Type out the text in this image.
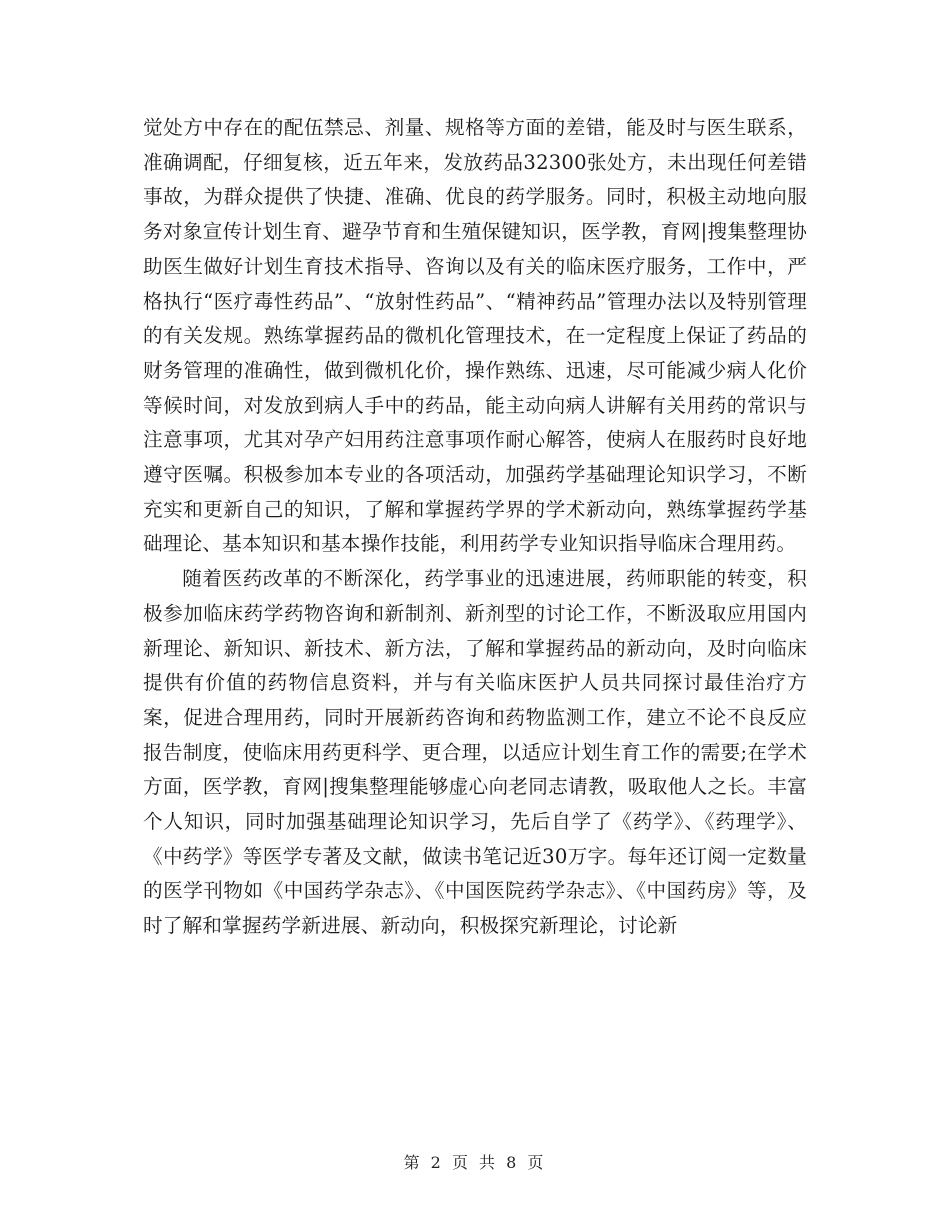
觉处方中存在的配伍禁忌、剂量、规格等方面的差错，能及时与医生联系，准确调配，仔细复核，近五年来，发放药品32300张处方，未出现任何差错事故，为群众提供了快捷、准确、优良的药学服务。同时，积极主动地向服务对象宣传计划生育、避孕节育和生殖保键知识，医学教，育网|搜集整理协助医生做好计划生育技术指导、咨询以及有关的临床医疗服务，工作中，严格执行“医疗毒性药品”、“放射性药品”、“精神药品”管理办法以及特别管理的有关发规。熟练掌握药品的微机化管理技术，在一定程度上保证了药品的财务管理的准确性，做到微机化价，操作熟练、迅速，尽可能减少病人化价等候时间，对发放到病人手中的药品，能主动向病人讲解有关用药的常识与注意事项，尤其对孕产妇用药注意事项作耐心解答，使病人在服药时良好地遵守医嘱。积极参加本专业的各项活动，加强药学基础理论知识学习，不断充实和更新自己的知识，了解和掌握药学界的学术新动向，熟练掌握药学基础理论、基本知识和基本操作技能，利用药学专业知识指导临床合理用药。

随着医药改革的不断深化，药学事业的迅速进展，药师职能的转变，积极参加临床药学药物咨询和新制剂、新剂型的讨论工作，不断汲取应用国内新理论、新知识、新技术、新方法，了解和掌握药品的新动向，及时向临床提供有价值的药物信息资料，并与有关临床医护人员共同探讨最佳治疗方案，促进合理用药，同时开展新药咨询和药物监测工作，建立不论不良反应报告制度，使临床用药更科学、更合理，以适应计划生育工作的需要;在学术方面，医学教，育网|搜集整理能够虚心向老同志请教，吸取他人之长。丰富个人知识，同时加强基础理论知识学习，先后自学了《药学》、《药理学》、《中药学》等医学专著及文献，做读书笔记近30万字。每年还订阅一定数量的医学刊物如《中国药学杂志》、《中国医院药学杂志》、《中国药房》等，及时了解和掌握药学新进展、新动向，积极探究新理论，讨论新

第 2 页 共 8 页
